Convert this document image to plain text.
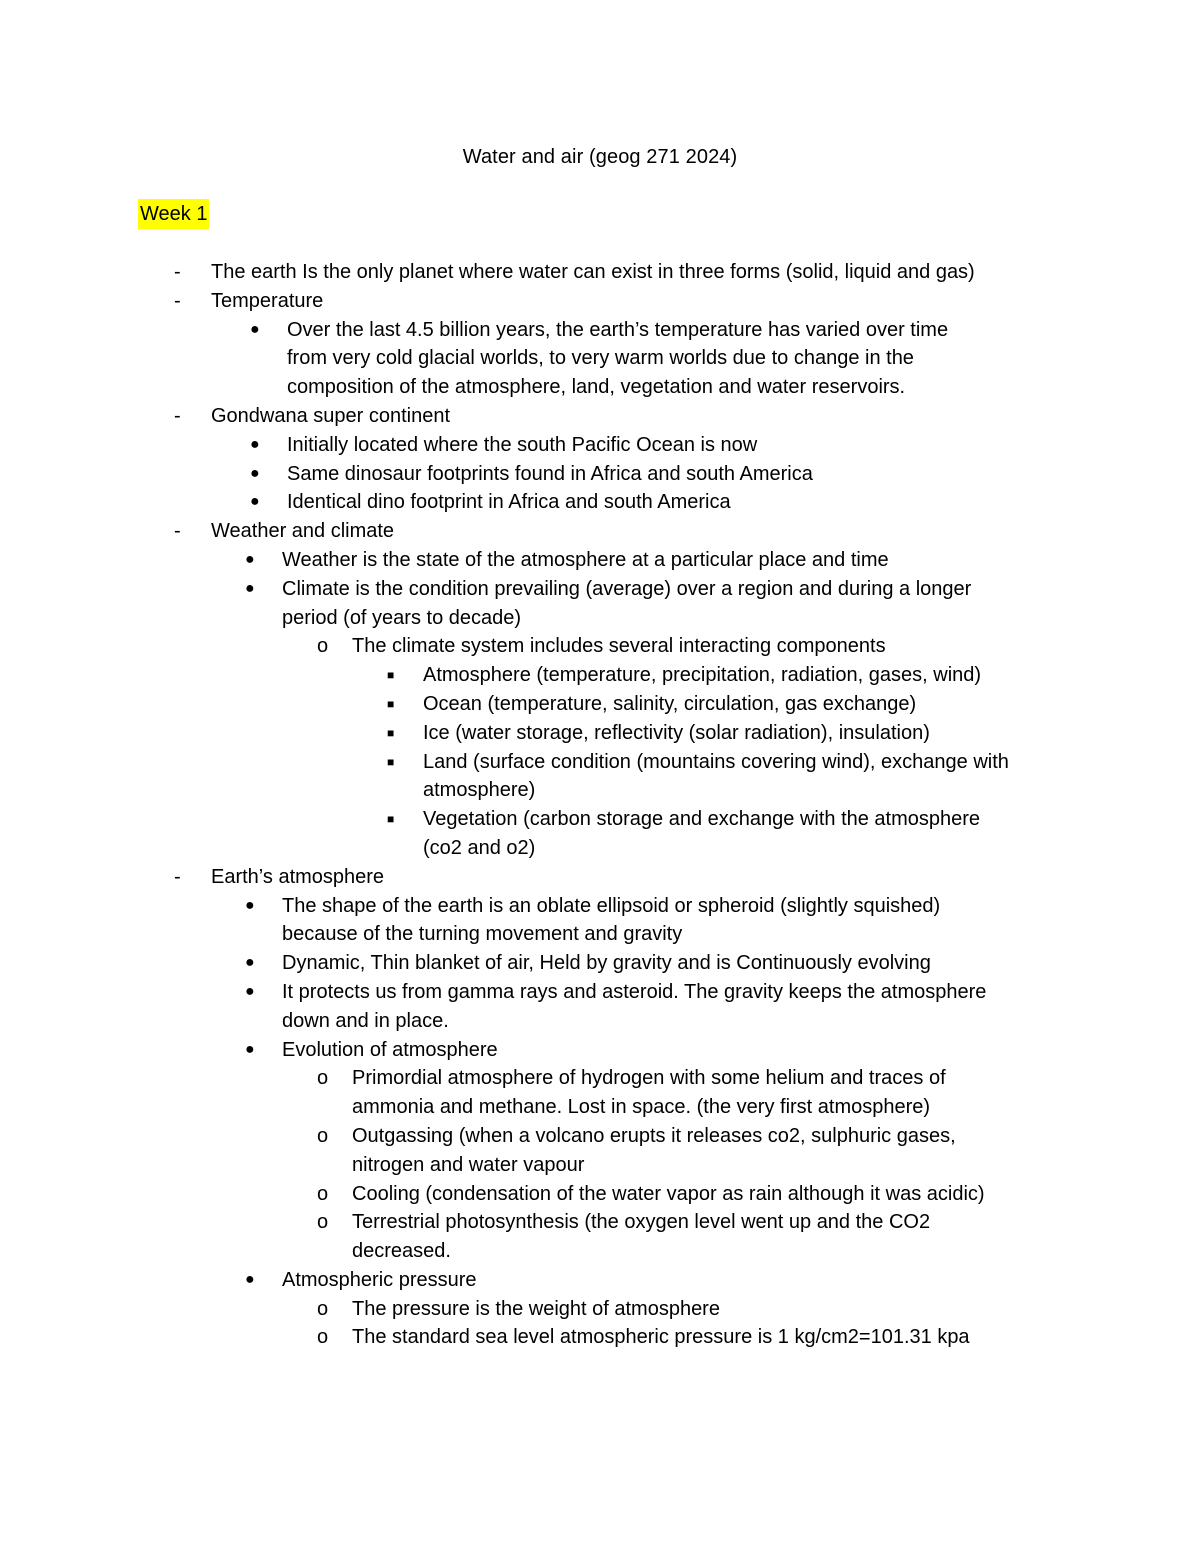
Water and air (geog 271 2024)
Week 1
- The earth Is the only planet where water can exist in three forms (solid, liquid and gas)
- Temperature
● Over the last 4.5 billion years, the earth’s temperature has varied over time
from very cold glacial worlds, to very warm worlds due to change in the
composition of the atmosphere, land, vegetation and water reservoirs.
- Gondwana super continent
● Initially located where the south Pacific Ocean is now
● Same dinosaur footprints found in Africa and south America
● Identical dino footprint in Africa and south America
- Weather and climate
● Weather is the state of the atmosphere at a particular place and time
● Climate is the condition prevailing (average) over a region and during a longer
period (of years to decade)
o The climate system includes several interacting components
■ Atmosphere (temperature, precipitation, radiation, gases, wind)
■ Ocean (temperature, salinity, circulation, gas exchange)
■ Ice (water storage, reflectivity (solar radiation), insulation)
■ Land (surface condition (mountains covering wind), exchange with
atmosphere)
■ Vegetation (carbon storage and exchange with the atmosphere
(co2 and o2)
- Earth’s atmosphere
● The shape of the earth is an oblate ellipsoid or spheroid (slightly squished)
because of the turning movement and gravity
● Dynamic, Thin blanket of air, Held by gravity and is Continuously evolving
● It protects us from gamma rays and asteroid. The gravity keeps the atmosphere
down and in place.
● Evolution of atmosphere
o Primordial atmosphere of hydrogen with some helium and traces of
ammonia and methane. Lost in space. (the very first atmosphere)
o Outgassing (when a volcano erupts it releases co2, sulphuric gases,
nitrogen and water vapour
o Cooling (condensation of the water vapor as rain although it was acidic)
o Terrestrial photosynthesis (the oxygen level went up and the CO2
decreased.
● Atmospheric pressure
o The pressure is the weight of atmosphere
o The standard sea level atmospheric pressure is 1 kg/cm2=101.31 kpa
